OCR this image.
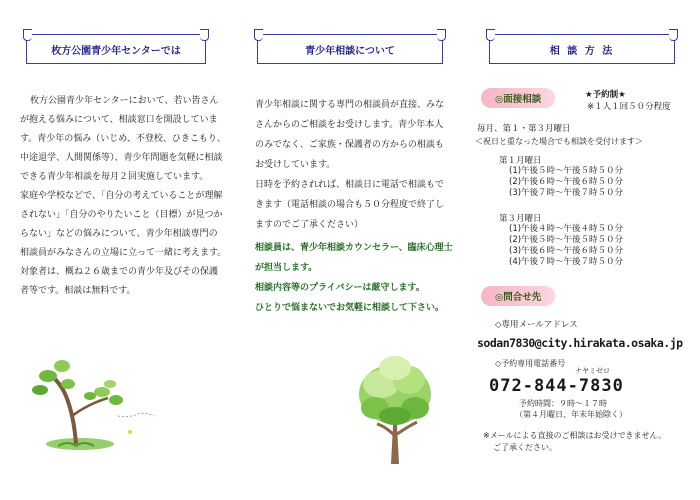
枚方公園青少年センターでは

枚方公園青少年センターにおいて、若い皆さん
が抱える悩みについて、相談窓口を開設していま
す。青少年の悩み（いじめ、不登校、ひきこもり、
中途退学、人間関係等）、青少年問題を気軽に相談
できる青少年相談を毎月２回実施しています。
家庭や学校などで、「自分の考えていることが理解
されない」「自分のやりたいこと（目標）が見つか
らない」などの悩みについて、青少年相談専門の
相談員がみなさんの立場に立って一緒に考えます。
対象者は、概ね２６歳までの青少年及びその保護
者等です。相談は無料です。

青少年相談について

青少年相談に関する専門の相談員が直接、みな
さんからのご相談をお受けします。青少年本人
のみでなく、ご家族・保護者の方からの相談も
お受けしています。
日時を予約されれば、相談日に電話で相談もで
きます（電話相談の場合も５０分程度で終了し
ますのでご了承ください）

相談員は、青少年相談カウンセラー、臨床心理士
が担当します。
相談内容等のプライバシーは厳守します。
ひとりで悩まないでお気軽に相談して下さい。

相 談 方 法
◎面接相談	★予約制★
※１人１回５０分程度
毎月、第１・第３月曜日
＜祝日と重なった場合でも相談を受付けます＞
第１月曜日
(1)午後５時～午後５時５０分
(2)午後６時～午後６時５０分
(3)午後７時～午後７時５０分
第３月曜日
(1)午後４時～午後４時５０分
(2)午後５時～午後５時５０分
(3)午後６時～午後６時５０分
(4)午後７時～午後７時５０分
◎問合せ先
◇専用メールアドレス
sodan7830@city.hirakata.osaka.jp
◇予約専用電話番号
ナヤミゼロ
072-844-7830
予約時間：９時～１７時
（第４月曜日、年末年始除く）
※メールによる直接のご相談はお受けできません。
ご了承ください。
